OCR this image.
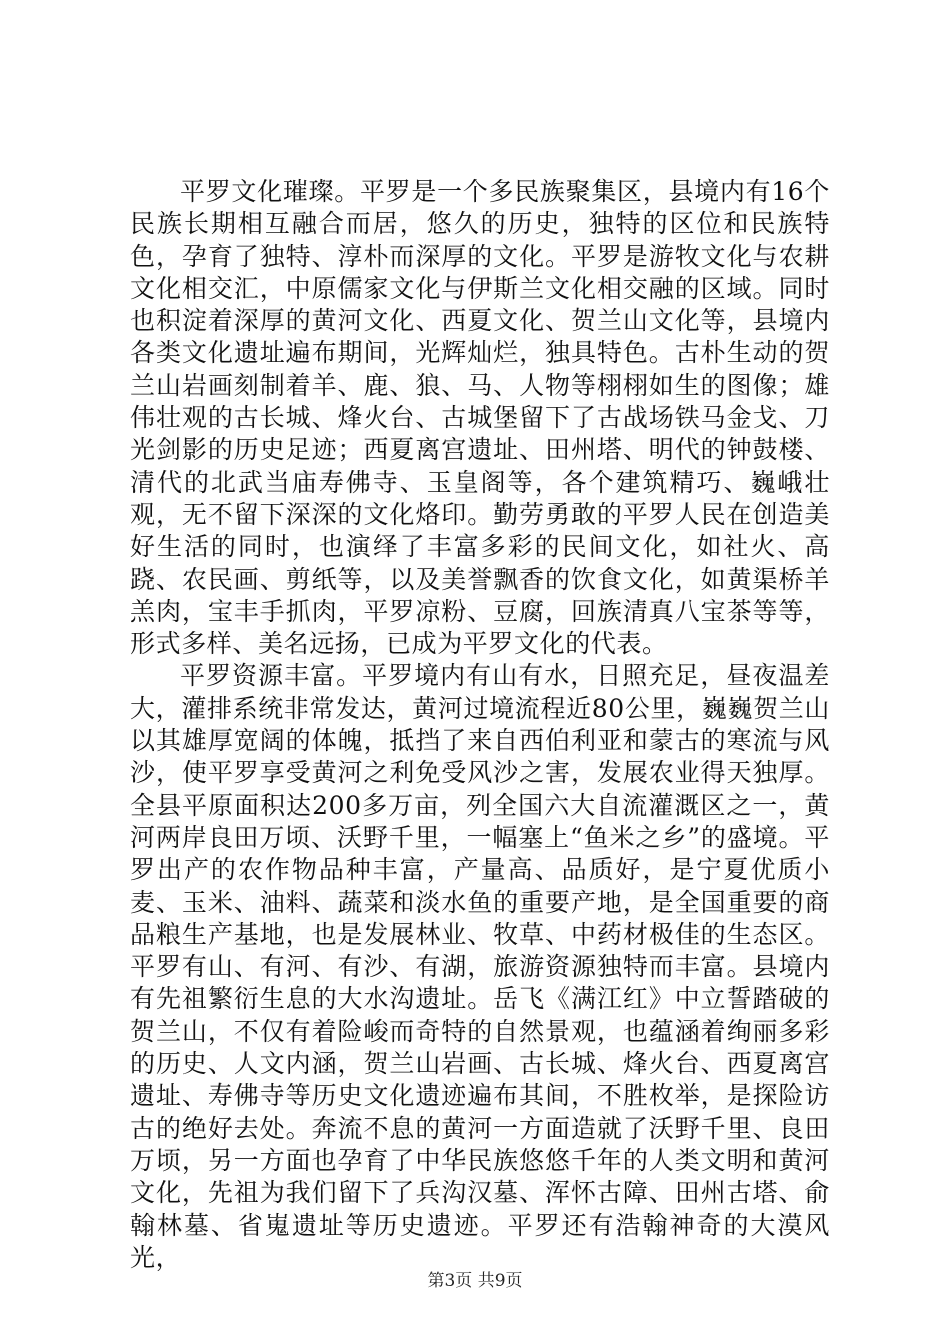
平罗文化璀璨。平罗是一个多民族聚集区，县境内有16个民族长期相互融合而居，悠久的历史，独特的区位和民族特色，孕育了独特、淳朴而深厚的文化。平罗是游牧文化与农耕文化相交汇，中原儒家文化与伊斯兰文化相交融的区域。同时也积淀着深厚的黄河文化、西夏文化、贺兰山文化等，县境内各类文化遗址遍布期间，光辉灿烂，独具特色。古朴生动的贺兰山岩画刻制着羊、鹿、狼、马、人物等栩栩如生的图像；雄伟壮观的古长城、烽火台、古城堡留下了古战场铁马金戈、刀光剑影的历史足迹；西夏离宫遗址、田州塔、明代的钟鼓楼、清代的北武当庙寿佛寺、玉皇阁等，各个建筑精巧、巍峨壮观，无不留下深深的文化烙印。勤劳勇敢的平罗人民在创造美好生活的同时，也演绎了丰富多彩的民间文化，如社火、高跷、农民画、剪纸等，以及美誉飘香的饮食文化，如黄渠桥羊羔肉，宝丰手抓肉，平罗凉粉、豆腐，回族清真八宝茶等等，形式多样、美名远扬，已成为平罗文化的代表。

平罗资源丰富。平罗境内有山有水，日照充足，昼夜温差大，灌排系统非常发达，黄河过境流程近80公里，巍巍贺兰山以其雄厚宽阔的体魄，抵挡了来自西伯利亚和蒙古的寒流与风沙，使平罗享受黄河之利免受风沙之害，发展农业得天独厚。全县平原面积达200多万亩，列全国六大自流灌溉区之一，黄河两岸良田万顷、沃野千里，一幅塞上“鱼米之乡”的盛境。平罗出产的农作物品种丰富，产量高、品质好，是宁夏优质小麦、玉米、油料、蔬菜和淡水鱼的重要产地，是全国重要的商品粮生产基地，也是发展林业、牧草、中药材极佳的生态区。平罗有山、有河、有沙、有湖，旅游资源独特而丰富。县境内有先祖繁衍生息的大水沟遗址。岳飞《满江红》中立誓踏破的贺兰山，不仅有着险峻而奇特的自然景观，也蕴涵着绚丽多彩的历史、人文内涵，贺兰山岩画、古长城、烽火台、西夏离宫遗址、寿佛寺等历史文化遗迹遍布其间，不胜枚举，是探险访古的绝好去处。奔流不息的黄河一方面造就了沃野千里、良田万顷，另一方面也孕育了中华民族悠悠千年的人类文明和黄河文化，先祖为我们留下了兵沟汉墓、浑怀古障、田州古塔、俞翰林墓、省嵬遗址等历史遗迹。平罗还有浩翰神奇的大漠风光，

第3页 共9页
